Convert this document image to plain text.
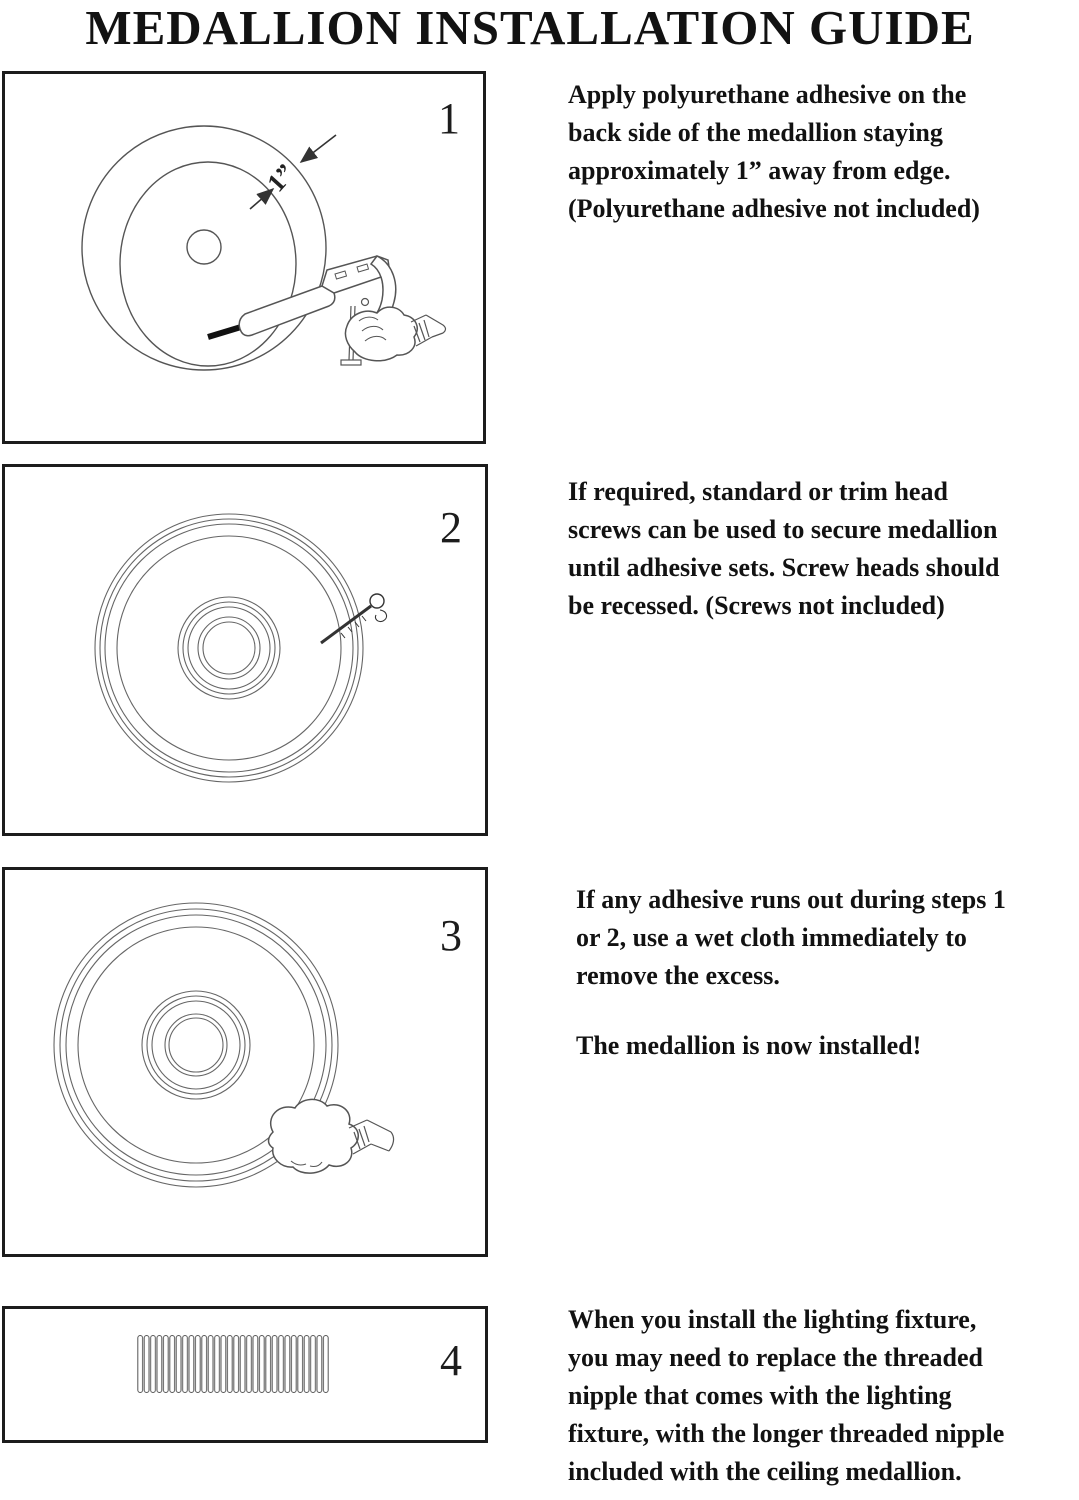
MEDALLION INSTALLATION GUIDE
1”
1	Apply polyurethane adhesive on the
back side of the medallion staying
approximately 1” away from edge.
(Polyurethane adhesive not included)
2
If required, standard or trim head
screws can be used to secure medallion
until adhesive sets. Screw heads should
be recessed. (Screws not included)
3
If any adhesive runs out during steps 1
or 2, use a wet cloth immediately to
remove the excess.
The medallion is now installed!
4
When you install the lighting fixture,
you may need to replace the threaded
nipple that comes with the lighting
fixture, with the longer threaded nipple
included with the ceiling medallion.
